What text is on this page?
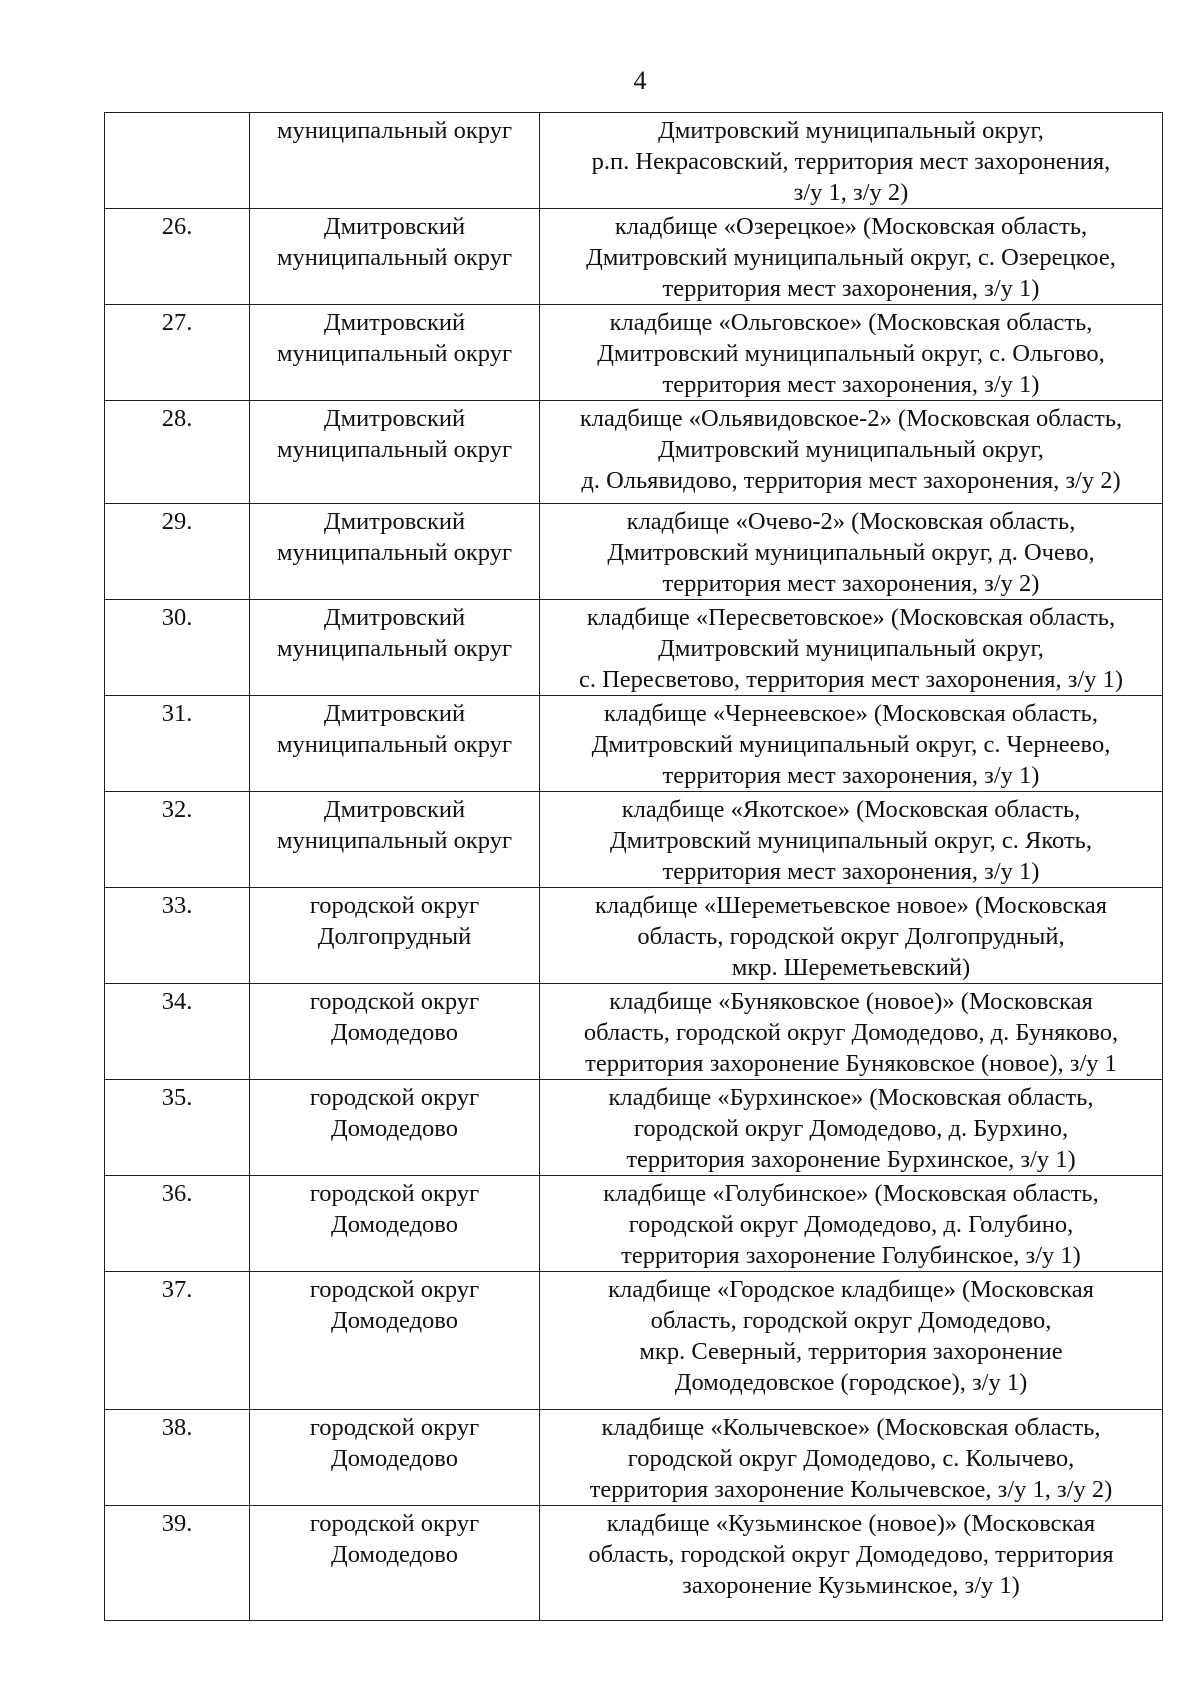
4

	муниципальный округ	Дмитровский муниципальный округ,
р.п. Некрасовский, территория мест захоронения,
з/у 1, з/у 2)

26.	Дмитровский
муниципальный округ	кладбище «Озерецкое» (Московская область,
Дмитровский муниципальный округ, с. Озерецкое,
территория мест захоронения, з/у 1)

27.	Дмитровский
муниципальный округ	кладбище «Ольговское» (Московская область,
Дмитровский муниципальный округ, с. Ольгово,
территория мест захоронения, з/у 1)

28.	Дмитровский
муниципальный округ	кладбище «Ольявидовское-2» (Московская область,
Дмитровский муниципальный округ,
д. Ольявидово, территория мест захоронения, з/у 2)

29.	Дмитровский
муниципальный округ	кладбище «Очево-2» (Московская область,
Дмитровский муниципальный округ, д. Очево,
территория мест захоронения, з/у 2)

30.	Дмитровский
муниципальный округ	кладбище «Пересветовское» (Московская область,
Дмитровский муниципальный округ,
с. Пересветово, территория мест захоронения, з/у 1)

31.	Дмитровский
муниципальный округ	кладбище «Чернеевское» (Московская область,
Дмитровский муниципальный округ, с. Чернеево,
территория мест захоронения, з/у 1)

32.	Дмитровский
муниципальный округ	кладбище «Якотское» (Московская область,
Дмитровский муниципальный округ, с. Якоть,
территория мест захоронения, з/у 1)

33.	городской округ
Долгопрудный	кладбище «Шереметьевское новое» (Московская
область, городской округ Долгопрудный,
мкр. Шереметьевский)

34.	городской округ
Домодедово	кладбище «Буняковское (новое)» (Московская
область, городской округ Домодедово, д. Буняково,
территория захоронение Буняковское (новое), з/у 1

35.	городской округ
Домодедово	кладбище «Бурхинское» (Московская область,
городской округ Домодедово, д. Бурхино,
территория захоронение Бурхинское, з/у 1)

36.	городской округ
Домодедово	кладбище «Голубинское» (Московская область,
городской округ Домодедово, д. Голубино,
территория захоронение Голубинское, з/у 1)

37.	городской округ
Домодедово	кладбище «Городское кладбище» (Московская
область, городской округ Домодедово,
мкр. Северный, территория захоронение
Домодедовское (городское), з/у 1)

38.	городской округ
Домодедово	кладбище «Колычевское» (Московская область,
городской округ Домодедово, с. Колычево,
территория захоронение Колычевское, з/у 1, з/у 2)

39.	городской округ
Домодедово	кладбище «Кузьминское (новое)» (Московская
область, городской округ Домодедово, территория
захоронение Кузьминское, з/у 1)
